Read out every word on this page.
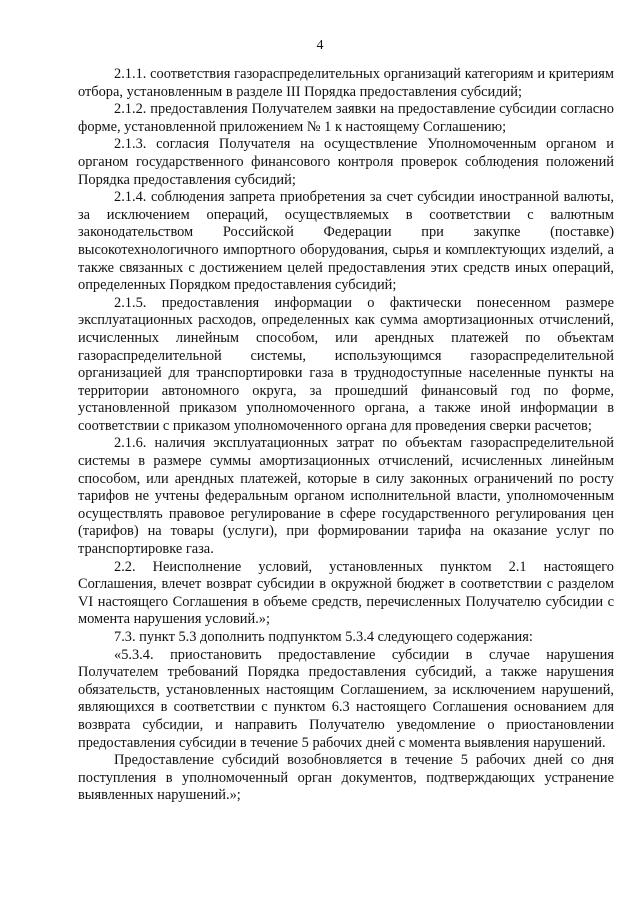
4

2.1.1. соответствия газораспределительных организаций категориям и критериям отбора, установленным в разделе III Порядка предоставления субсидий;

2.1.2. предоставления Получателем заявки на предоставление субсидии согласно форме, установленной приложением № 1 к настоящему Соглашению;

2.1.3. согласия Получателя на осуществление Уполномоченным органом и органом государственного финансового контроля проверок соблюдения положений Порядка предоставления субсидий;

2.1.4. соблюдения запрета приобретения за счет субсидии иностранной валюты, за исключением операций, осуществляемых в соответствии с валютным законодательством Российской Федерации при закупке (поставке) высокотехнологичного импортного оборудования, сырья и комплектующих изделий, а также связанных с достижением целей предоставления этих средств иных операций, определенных Порядком предоставления субсидий;

2.1.5. предоставления информации о фактически понесенном размере эксплуатационных расходов, определенных как сумма амортизационных отчислений, исчисленных линейным способом, или арендных платежей по объектам газораспределительной системы, использующимся газораспределительной организацией для транспортировки газа в труднодоступные населенные пункты на территории автономного округа, за прошедший финансовый год по форме, установленной приказом уполномоченного органа, а также иной информации в соответствии с приказом уполномоченного органа для проведения сверки расчетов;

2.1.6. наличия эксплуатационных затрат по объектам газораспределительной системы в размере суммы амортизационных отчислений, исчисленных линейным способом, или арендных платежей, которые в силу законных ограничений по росту тарифов не учтены федеральным органом исполнительной власти, уполномоченным осуществлять правовое регулирование в сфере государственного регулирования цен (тарифов) на товары (услуги), при формировании тарифа на оказание услуг по транспортировке газа.

2.2. Неисполнение условий, установленных пунктом 2.1 настоящего Соглашения, влечет возврат субсидии в окружной бюджет в соответствии с разделом VI настоящего Соглашения в объеме средств, перечисленных Получателю субсидии с момента нарушения условий.»;

7.3. пункт 5.3 дополнить подпунктом 5.3.4 следующего содержания:

«5.3.4. приостановить предоставление субсидии в случае нарушения Получателем требований Порядка предоставления субсидий, а также нарушения обязательств, установленных настоящим Соглашением, за исключением нарушений, являющихся в соответствии с пунктом 6.3 настоящего Соглашения основанием для возврата субсидии, и направить Получателю уведомление о приостановлении предоставления субсидии в течение 5 рабочих дней с момента выявления нарушений.

Предоставление субсидий возобновляется в течение 5 рабочих дней со дня поступления в уполномоченный орган документов, подтверждающих устранение выявленных нарушений.»;
